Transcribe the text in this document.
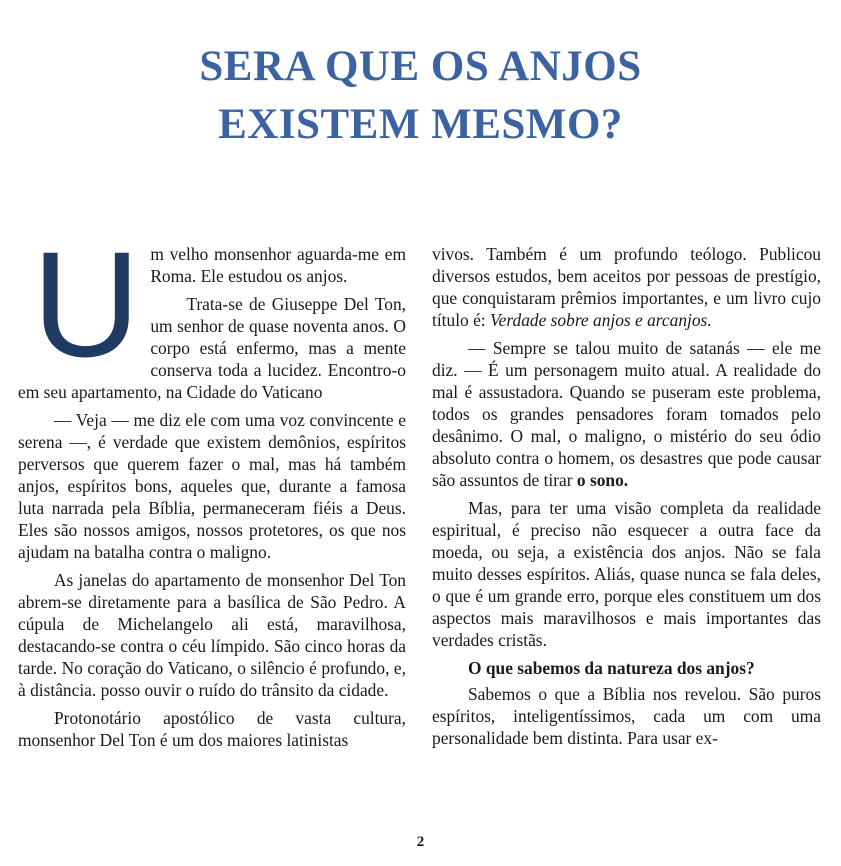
SERA QUE OS ANJOS
EXISTEM MESMO?
U m velho monsenhor aguarda-me em Roma. Ele estudou os anjos.

Trata-se de Giuseppe Del Ton, um senhor de quase noventa anos. O corpo está enfermo, mas a mente conserva toda a lucidez. Encontro-o em seu apartamento, na Cidade do Vaticano

— Veja — me diz ele com uma voz convincente e serena —, é verdade que existem demônios, espíritos perversos que querem fazer o mal, mas há também anjos, espíritos bons, aqueles que, durante a famosa luta narrada pela Bíblia, permaneceram fiéis a Deus. Eles são nossos amigos, nossos protetores, os que nos ajudam na batalha contra o maligno.

As janelas do apartamento de monsenhor Del Ton abrem-se diretamente para a basílica de São Pedro. A cúpula de Michelangelo ali está, maravilhosa, destacando-se contra o céu límpido. São cinco horas da tarde. No coração do Vaticano, o silêncio é profundo, e, à distância. posso ouvir o ruído do trânsito da cidade.

Protonotário apostólico de vasta cultura, monsenhor Del Ton é um dos maiores latinistas

vivos. Também é um profundo teólogo. Publicou diversos estudos, bem aceitos por pessoas de prestígio, que conquistaram prêmios importantes, e um livro cujo título é: Verdade sobre anjos e arcanjos.

— Sempre se talou muito de satanás — ele me diz. — É um personagem muito atual. A realidade do mal é assustadora. Quando se puseram este problema, todos os grandes pensadores foram tomados pelo desânimo. O mal, o maligno, o mistério do seu ódio absoluto contra o homem, os desastres que pode causar são assuntos de tirar o sono.

Mas, para ter uma visão completa da realidade espiritual, é preciso não esquecer a outra face da moeda, ou seja, a existência dos anjos. Não se fala muito desses espíritos. Aliás, quase nunca se fala deles, o que é um grande erro, porque eles constituem um dos aspectos mais maravilhosos e mais importantes das verdades cristãs.

O que sabemos da natureza dos anjos?

Sabemos o que a Bíblia nos revelou. São puros espíritos, inteligentíssimos, cada um com uma personalidade bem distinta. Para usar ex-

2
